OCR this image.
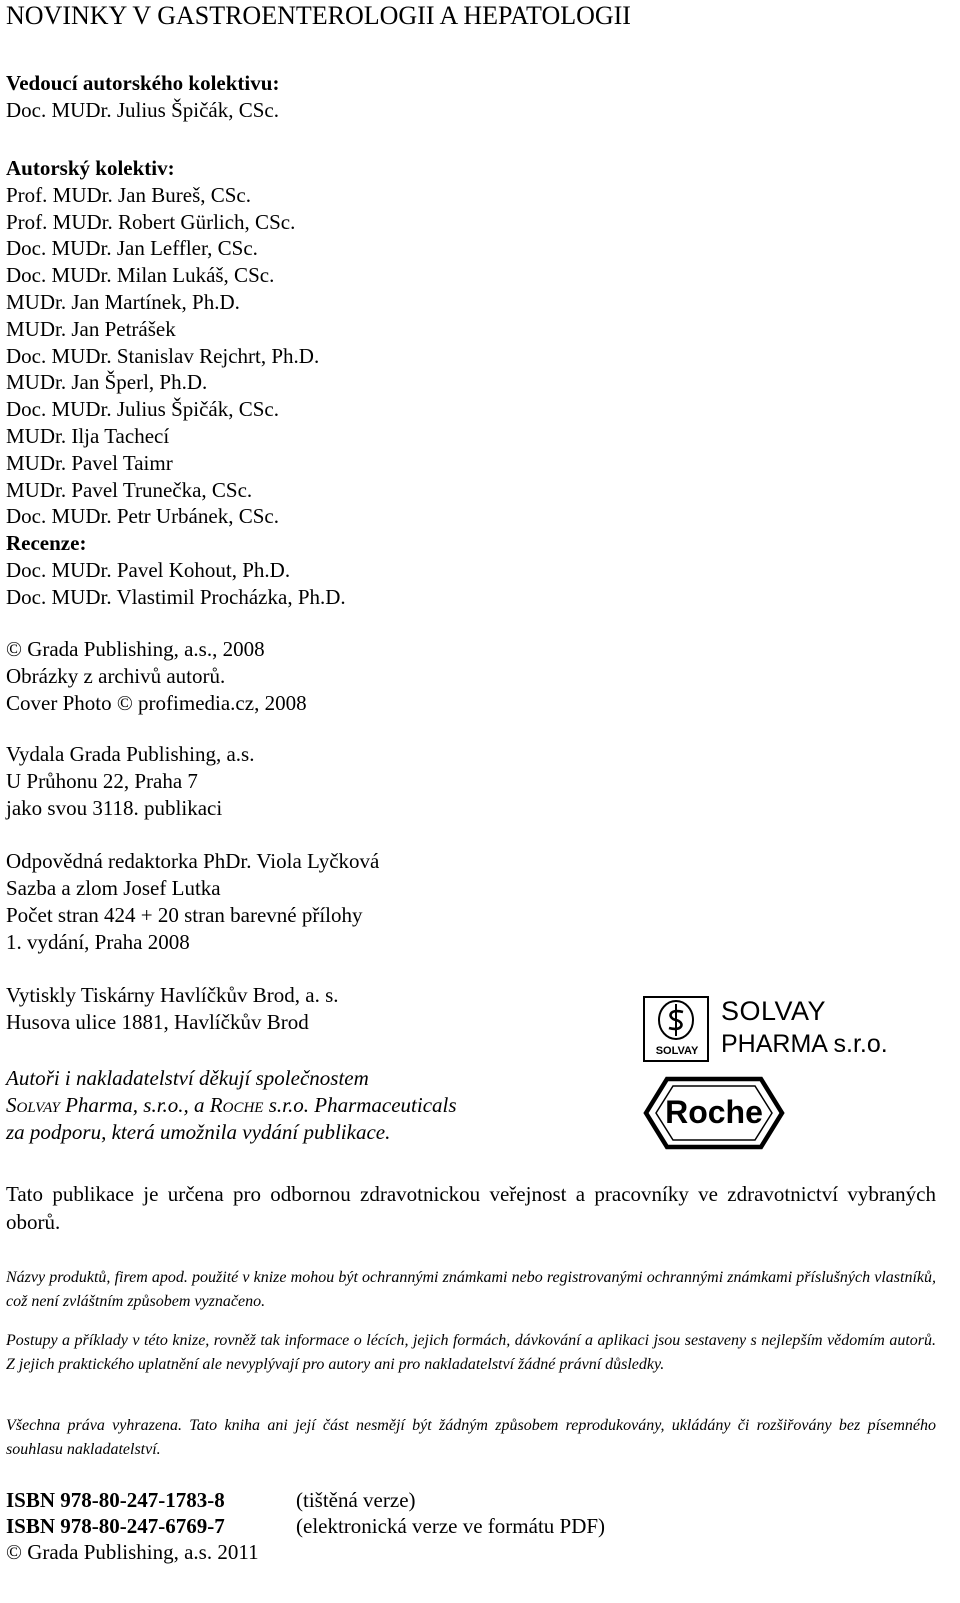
NOVINKY V GASTROENTEROLOGII A HEPATOLOGII
Vedoucí autorského kolektivu:
Doc. MUDr. Julius Špičák, CSc.
Autorský kolektiv:
Prof. MUDr. Jan Bureš, CSc.
Prof. MUDr. Robert Gürlich, CSc.
Doc. MUDr. Jan Leffler, CSc.
Doc. MUDr. Milan Lukáš, CSc.
MUDr. Jan Martínek, Ph.D.
MUDr. Jan Petrášek
Doc. MUDr. Stanislav Rejchrt, Ph.D.
MUDr. Jan Šperl, Ph.D.
Doc. MUDr. Julius Špičák, CSc.
MUDr. Ilja Tachecí
MUDr. Pavel Taimr
MUDr. Pavel Trunečka, CSc.
Doc. MUDr. Petr Urbánek, CSc.
Recenze:
Doc. MUDr. Pavel Kohout, Ph.D.
Doc. MUDr. Vlastimil Procházka, Ph.D.
© Grada Publishing, a.s., 2008
Obrázky z archivů autorů.
Cover Photo © profimedia.cz, 2008
Vydala Grada Publishing, a.s.
U Průhonu 22, Praha 7
jako svou 3118. publikaci
Odpovědná redaktorka PhDr. Viola Lyčková
Sazba a zlom Josef Lutka
Počet stran 424 + 20 stran barevné přílohy
1. vydání, Praha 2008
Vytiskly Tiskárny Havlíčkův Brod, a. s.
Husova ulice 1881, Havlíčkův Brod
Autoři i nakladatelství děkují společnostem
Solvay Pharma, s.r.o., a Roche s.r.o. Pharmaceuticals
za podporu, která umožnila vydání publikace.
SOLVAY
SOLVAY
PHARMA s.r.o.
Roche
Tato publikace je určena pro odbornou zdravotnickou veřejnost a pracovníky ve zdravotnictví vybraných oborů.
Názvy produktů, firem apod. použité v knize mohou být ochrannými známkami nebo registrovanými ochrannými známkami příslušných vlastníků, což není zvláštním způsobem vyznačeno.
Postupy a příklady v této knize, rovněž tak informace o lécích, jejich formách, dávkování a aplikaci jsou sestaveny s nejlepším vědomím autorů. Z jejich praktického uplatnění ale nevyplývají pro autory ani pro nakladatelství žádné právní důsledky.
Všechna práva vyhrazena. Tato kniha ani její část nesmějí být žádným způsobem reprodukovány, ukládány či rozšiřovány bez písemného souhlasu nakladatelství.
ISBN 978-80-247-1783-8	(tištěná verze)
ISBN 978-80-247-6769-7	(elektronická verze ve formátu PDF)
© Grada Publishing, a.s. 2011
